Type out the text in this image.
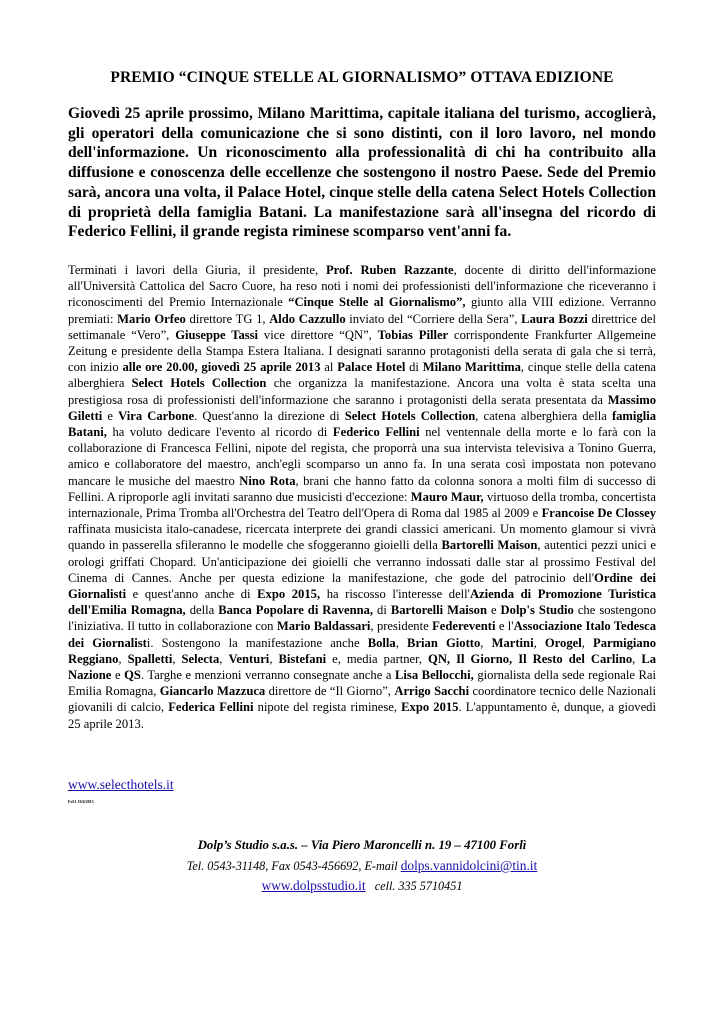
PREMIO “CINQUE STELLE AL GIORNALISMO” OTTAVA EDIZIONE

Giovedì 25 aprile prossimo, Milano Marittima, capitale italiana del turismo, accoglierà, gli operatori della comunicazione che si sono distinti, con il loro lavoro, nel mondo dell'informazione. Un riconoscimento alla professionalità di chi ha contribuito alla diffusione e conoscenza delle eccellenze che sostengono il nostro Paese. Sede del Premio sarà, ancora una volta, il Palace Hotel, cinque stelle della catena Select Hotels Collection di proprietà della famiglia Batani. La manifestazione sarà all'insegna del ricordo di Federico Fellini, il grande regista riminese scomparso vent'anni fa.

Terminati i lavori della Giuria, il presidente, Prof. Ruben Razzante, docente di diritto dell'informazione all'Università Cattolica del Sacro Cuore, ha reso noti i nomi dei professionisti dell'informazione che riceveranno i riconoscimenti del Premio Internazionale “Cinque Stelle al Giornalismo”, giunto alla VIII edizione. Verranno premiati: Mario Orfeo direttore TG 1, Aldo Cazzullo inviato del “Corriere della Sera”, Laura Bozzi direttrice del settimanale “Vero”, Giuseppe Tassi vice direttore “QN”, Tobias Piller corrispondente Frankfurter Allgemeine Zeitung e presidente della Stampa Estera Italiana. I designati saranno protagonisti della serata di gala che si terrà, con inizio alle ore 20.00, giovedì 25 aprile 2013 al Palace Hotel di Milano Marittima, cinque stelle della catena alberghiera Select Hotels Collection che organizza la manifestazione. Ancora una volta è stata scelta una prestigiosa rosa di professionisti dell'informazione che saranno i protagonisti della serata presentata da Massimo Giletti e Vira Carbone. Quest'anno la direzione di Select Hotels Collection, catena alberghiera della famiglia Batani, ha voluto dedicare l'evento al ricordo di Federico Fellini nel ventennale della morte e lo farà con la collaborazione di Francesca Fellini, nipote del regista, che proporrà una sua intervista televisiva a Tonino Guerra, amico e collaboratore del maestro, anch'egli scomparso un anno fa. In una serata così impostata non potevano mancare le musiche del maestro Nino Rota, brani che hanno fatto da colonna sonora a molti film di successo di Fellini. A riproporle agli invitati saranno due musicisti d'eccezione: Mauro Maur, virtuoso della tromba, concertista internazionale, Prima Tromba all'Orchestra del Teatro dell'Opera di Roma dal 1985 al 2009 e Francoise De Clossey raffinata musicista italo-canadese, ricercata interprete dei grandi classici americani. Un momento glamour si vivrà quando in passerella sfileranno le modelle che sfoggeranno gioielli della Bartorelli Maison, autentici pezzi unici e orologi griffati Chopard. Un'anticipazione dei gioielli che verranno indossati dalle star al prossimo Festival del Cinema di Cannes. Anche per questa edizione la manifestazione, che gode del patrocinio dell'Ordine dei Giornalisti e quest'anno anche di Expo 2015, ha riscosso l'interesse dell'Azienda di Promozione Turistica dell'Emilia Romagna, della Banca Popolare di Ravenna, di Bartorelli Maison e Dolp's Studio che sostengono l'iniziativa. Il tutto in collaborazione con Mario Baldassari, presidente Federeventi e l'Associazione Italo Tedesca dei Giornalisti. Sostengono la manifestazione anche Bolla, Brian Giotto, Martini, Orogel, Parmigiano Reggiano, Spalletti, Selecta, Venturi, Bistefani e, media partner, QN, Il Giorno, Il Resto del Carlino, La Nazione e QS. Targhe e menzioni verranno consegnate anche a Lisa Bellocchi, giornalista della sede regionale Rai Emilia Romagna, Giancarlo Mazzuca direttore de “Il Giorno”, Arrigo Sacchi coordinatore tecnico delle Nazionali giovanili di calcio, Federica Fellini nipote del regista riminese, Expo 2015. L'appuntamento è, dunque, a giovedì 25 aprile 2013.

www.selecthotels.it

FeS1 10/4/2013

Dolp’s Studio s.a.s. – Via Piero Maroncelli n. 19 – 47100 Forlì

Tel. 0543-31148, Fax 0543-456692, E-mail dolps.vannidolcini@tin.it

www.dolpsstudio.it cell. 335 5710451
